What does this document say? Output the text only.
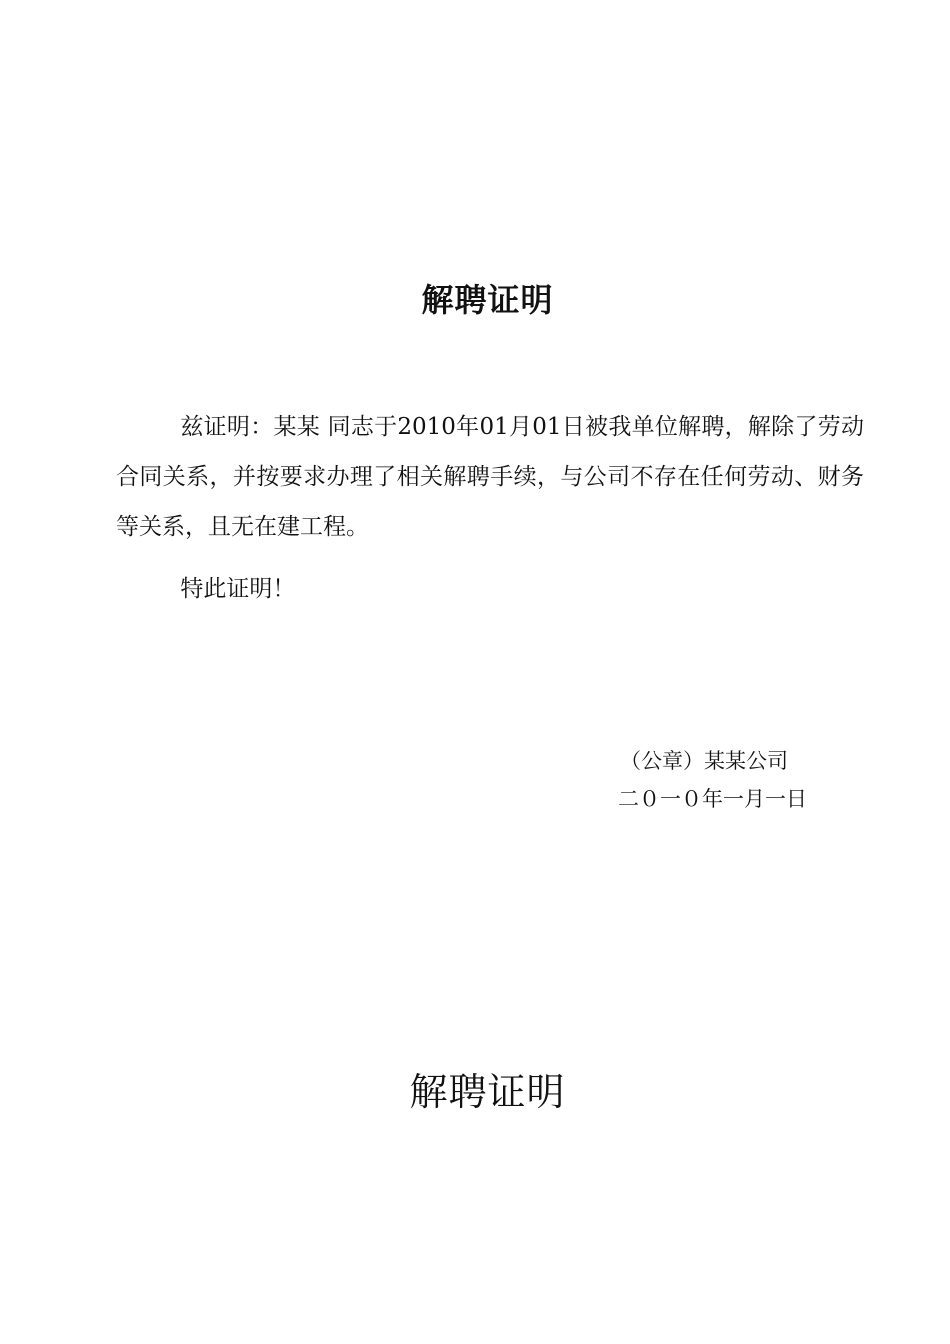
解聘证明

兹证明：某某 同志于2010年01月01日被我单位解聘，解除了劳动合同关系，并按要求办理了相关解聘手续，与公司不存在任何劳动、财务等关系，且无在建工程。

特此证明！

（公章）某某公司
二０一０年一月一日
解聘证明
